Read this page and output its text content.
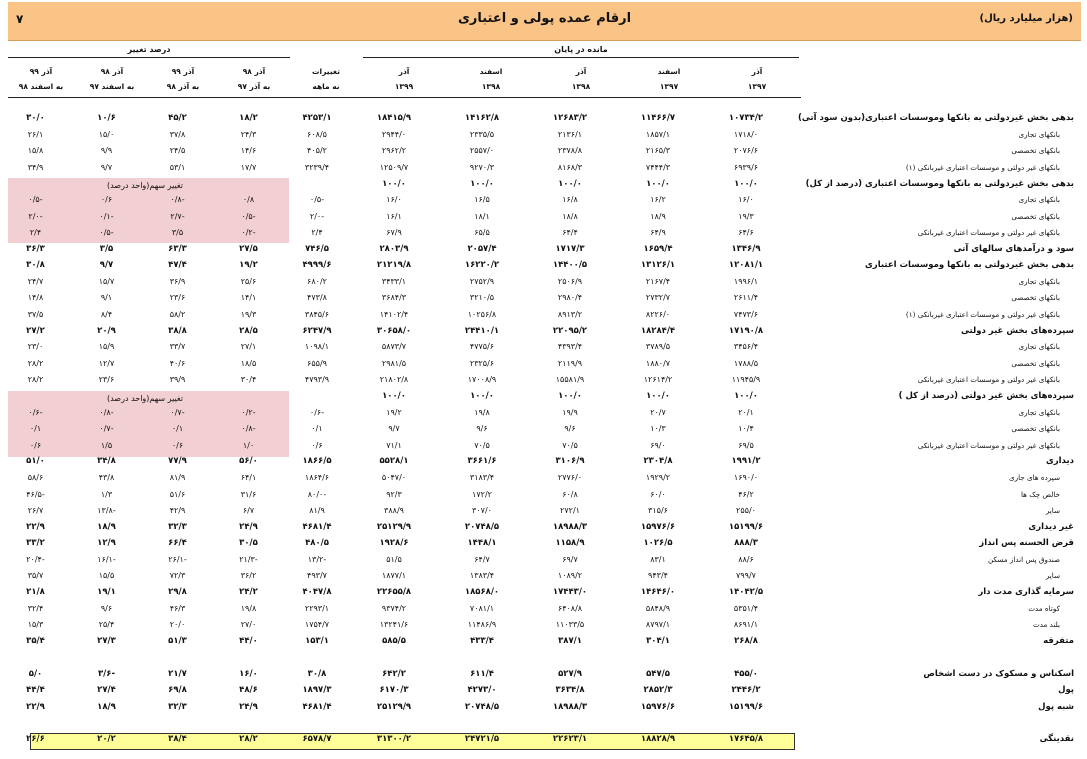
(هزار میلیارد ریال)
ارقام عمده پولی و اعتباری
۷
مانده در پایان
درصد تغییر
آذر
۱۳۹۷
اسفند
۱۳۹۷
آذر
۱۳۹۸
اسفند
۱۳۹۸
آذر
۱۳۹۹
تغییرات
نه ماهه
آذر ۹۸
به آذر ۹۷
آذر ۹۹
به آذر ۹۸
آذر ۹۸
به اسفند ۹۷
آذر ۹۹
به اسفند ۹۸
تغییر سهم(واحد درصد)
تغییر سهم(واحد درصد)
بدهی بخش غیردولتی به بانکها وموسسات اعتباری(بدون سود آتی)	۱۰۷۳۴/۲	۱۱۴۶۶/۷	۱۲۶۸۳/۲	۱۴۱۶۲/۸	۱۸۴۱۵/۹	۴۲۵۳/۱	۱۸/۲	۴۵/۲	۱۰/۶	۳۰/۰
بانکهای تجاری	۱۷۱۸/۰	۱۸۵۷/۱	۲۱۳۶/۱	۲۳۳۵/۵	۲۹۴۴/۰	۶۰۸/۵	۲۴/۳	۳۷/۸	۱۵/۰	۲۶/۱
بانکهای تخصصی	۲۰۷۶/۶	۲۱۶۵/۳	۲۳۷۸/۸	۲۵۵۷/۰	۲۹۶۲/۲	۴۰۵/۲	۱۴/۶	۲۴/۵	۹/۹	۱۵/۸
بانکهای غیر دولتی و موسسات اعتباری غیربانکی (۱)	۶۹۳۹/۶	۷۴۴۴/۳	۸۱۶۸/۳	۹۲۷۰/۳	۱۲۵۰۹/۷	۳۲۳۹/۴	۱۷/۷	۵۳/۱	۹/۷	۳۴/۹
بدهی بخش غیردولتی به بانکها وموسسات اعتباری (درصد از کل)	۱۰۰/۰	۱۰۰/۰	۱۰۰/۰	۱۰۰/۰	۱۰۰/۰					
بانکهای تجاری	۱۶/۰	۱۶/۲	۱۶/۸	۱۶/۵	۱۶/۰	-۰/۵	۰/۸	-۰/۸	۰/۶	-۰/۵
بانکهای تخصصی	۱۹/۳	۱۸/۹	۱۸/۸	۱۸/۱	۱۶/۱	-۲/۰	-۰/۵	-۲/۷	-۰/۱	-۲/۰
بانکهای غیر دولتی و موسسات اعتباری غیربانکی	۶۴/۶	۶۴/۹	۶۴/۴	۶۵/۵	۶۷/۹	۲/۴	-۰/۲	۳/۵	-۰/۵	۲/۴
سود و درآمدهای سالهای آتی	۱۳۴۶/۹	۱۶۵۹/۴	۱۷۱۷/۳	۲۰۵۷/۴	۲۸۰۳/۹	۷۴۶/۵	۲۷/۵	۶۳/۳	۳/۵	۳۶/۳
بدهی بخش غیردولتی به بانکها وموسسات اعتباری	۱۲۰۸۱/۱	۱۳۱۲۶/۱	۱۴۴۰۰/۵	۱۶۲۲۰/۲	۲۱۲۱۹/۸	۴۹۹۹/۶	۱۹/۲	۴۷/۴	۹/۷	۳۰/۸
بانکهای تجاری	۱۹۹۶/۱	۲۱۶۷/۴	۲۵۰۶/۹	۲۷۵۲/۹	۳۴۳۳/۱	۶۸۰/۲	۲۵/۶	۳۶/۹	۱۵/۷	۲۴/۷
بانکهای تخصصی	۲۶۱۱/۴	۲۷۳۲/۷	۲۹۸۰/۴	۳۲۱۰/۵	۳۶۸۴/۳	۴۷۳/۸	۱۴/۱	۲۳/۶	۹/۱	۱۴/۸
بانکهای غیر دولتی و موسسات اعتباری غیربانکی (۱)	۷۴۷۳/۶	۸۲۲۶/۰	۸۹۱۳/۲	۱۰۲۵۶/۸	۱۴۱۰۲/۴	۳۸۴۵/۶	۱۹/۳	۵۸/۲	۸/۴	۳۷/۵
سپرده‌های بخش غیر دولتی	۱۷۱۹۰/۸	۱۸۲۸۴/۴	۲۲۰۹۵/۲	۲۴۴۱۰/۱	۳۰۶۵۸/۰	۶۲۴۷/۹	۲۸/۵	۳۸/۸	۲۰/۹	۲۷/۲
بانکهای تجاری	۳۴۵۶/۴	۳۷۸۹/۵	۴۳۹۳/۴	۴۷۷۵/۶	۵۸۷۳/۷	۱۰۹۸/۱	۲۷/۱	۳۳/۷	۱۵/۹	۲۳/۰
بانکهای تخصصی	۱۷۸۸/۵	۱۸۸۰/۷	۲۱۱۹/۹	۲۳۲۵/۶	۲۹۸۱/۵	۶۵۵/۹	۱۸/۵	۴۰/۶	۱۲/۷	۲۸/۲
بانکهای غیر دولتی و موسسات اعتباری غیربانکی	۱۱۹۴۵/۹	۱۲۶۱۴/۲	۱۵۵۸۱/۹	۱۷۰۰۸/۹	۲۱۸۰۲/۸	۴۷۹۳/۹	۳۰/۴	۳۹/۹	۲۳/۶	۲۸/۲
سپرده‌های بخش غیر دولتی (درصد از کل )	۱۰۰/۰	۱۰۰/۰	۱۰۰/۰	۱۰۰/۰	۱۰۰/۰					
بانکهای تجاری	۲۰/۱	۲۰/۷	۱۹/۹	۱۹/۸	۱۹/۲	-۰/۶	-۰/۲	-۰/۷	-۰/۸	-۰/۶
بانکهای تخصصی	۱۰/۴	۱۰/۳	۹/۶	۹/۶	۹/۷	۰/۱	-۰/۸	۰/۱	-۰/۷	۰/۱
بانکهای غیر دولتی و موسسات اعتباری غیربانکی	۶۹/۵	۶۹/۰	۷۰/۵	۷۰/۵	۷۱/۱	۰/۶	۱/۰	۰/۶	۱/۵	۰/۶
دیداری	۱۹۹۱/۲	۲۳۰۴/۸	۳۱۰۶/۹	۳۶۶۱/۶	۵۵۲۸/۱	۱۸۶۶/۵	۵۶/۰	۷۷/۹	۳۴/۸	۵۱/۰
سپرده های جاری	۱۶۹۰/۰	۱۹۲۹/۲	۲۷۷۶/۰	۳۱۸۳/۴	۵۰۴۷/۰	۱۸۶۴/۶	۶۴/۱	۸۱/۹	۴۳/۸	۵۸/۶
خالص چک ها	۴۶/۲	۶۰/۰	۶۰/۸	۱۷۲/۲	۹۲/۳	-۸۰/۰	۳۱/۶	۵۱/۶	۱/۳	-۴۶/۵
سایر	۲۵۵/۰	۳۱۵/۶	۲۷۲/۱	۳۰۷/۰	۳۸۸/۹	۸۱/۹	۶/۷	۴۲/۹	-۱۳/۸	۲۶/۷
غیر دیداری	۱۵۱۹۹/۶	۱۵۹۷۶/۶	۱۸۹۸۸/۳	۲۰۷۴۸/۵	۲۵۱۲۹/۹	۴۶۸۱/۴	۲۴/۹	۳۲/۳	۱۸/۹	۲۲/۹
قرض الحسنه پس انداز	۸۸۸/۳	۱۰۲۶/۵	۱۱۵۸/۹	۱۴۴۸/۱	۱۹۲۸/۶	۴۸۰/۵	۳۰/۵	۶۶/۴	۱۲/۹	۳۳/۲
صندوق پس انداز مسکن	۸۸/۶	۸۳/۱	۶۹/۷	۶۴/۷	۵۱/۵	-۱۳/۲	-۲۱/۳	-۲۶/۱	-۱۶/۱	-۲۰/۴
سایر	۷۹۹/۷	۹۴۳/۴	۱۰۸۹/۲	۱۳۸۳/۴	۱۸۷۷/۱	۴۹۳/۷	۳۶/۲	۷۲/۳	۱۵/۵	۳۵/۷
سرمایه گذاری مدت دار	۱۴۰۴۲/۵	۱۴۶۴۶/۰	۱۷۴۴۳/۰	۱۸۵۶۸/۰	۲۲۶۵۵/۸	۴۰۴۷/۸	۲۴/۲	۲۹/۸	۱۹/۱	۲۱/۸
کوتاه مدت	۵۳۵۱/۴	۵۸۴۸/۹	۶۴۰۸/۸	۷۰۸۱/۱	۹۳۷۴/۲	۲۲۹۳/۱	۱۹/۸	۴۶/۳	۹/۶	۳۲/۴
بلند مدت	۸۶۹۱/۱	۸۷۹۷/۱	۱۱۰۳۳/۵	۱۱۴۸۶/۹	۱۳۲۴۱/۶	۱۷۵۴/۷	۲۷/۰	۲۰/۰	۲۵/۴	۱۵/۳
متفرقه	۲۶۸/۸	۳۰۴/۱	۳۸۷/۱	۴۳۳/۴	۵۸۵/۵	۱۵۳/۱	۴۴/۰	۵۱/۳	۲۷/۳	۳۵/۴

اسکناس و مسکوک در دست اشخاص	۴۵۵/۰	۵۴۷/۵	۵۲۷/۹	۶۱۱/۴	۶۴۲/۲	۳۰/۸	۱۶/۰	۲۱/۷	-۳/۶	۵/۰
پول	۲۴۴۶/۲	۲۸۵۲/۳	۳۶۳۴/۸	۴۲۷۳/۰	۶۱۷۰/۳	۱۸۹۷/۳	۴۸/۶	۶۹/۸	۲۷/۴	۴۴/۴
شبه پول	۱۵۱۹۹/۶	۱۵۹۷۶/۶	۱۸۹۸۸/۳	۲۰۷۴۸/۵	۲۵۱۲۹/۹	۴۶۸۱/۴	۲۴/۹	۳۲/۳	۱۸/۹	۲۲/۹

نقدینگی	۱۷۶۴۵/۸	۱۸۸۲۸/۹	۲۲۶۲۳/۱	۲۴۷۲۱/۵	۳۱۳۰۰/۲	۶۵۷۸/۷	۲۸/۲	۳۸/۴	۲۰/۲	۲۶/۶
